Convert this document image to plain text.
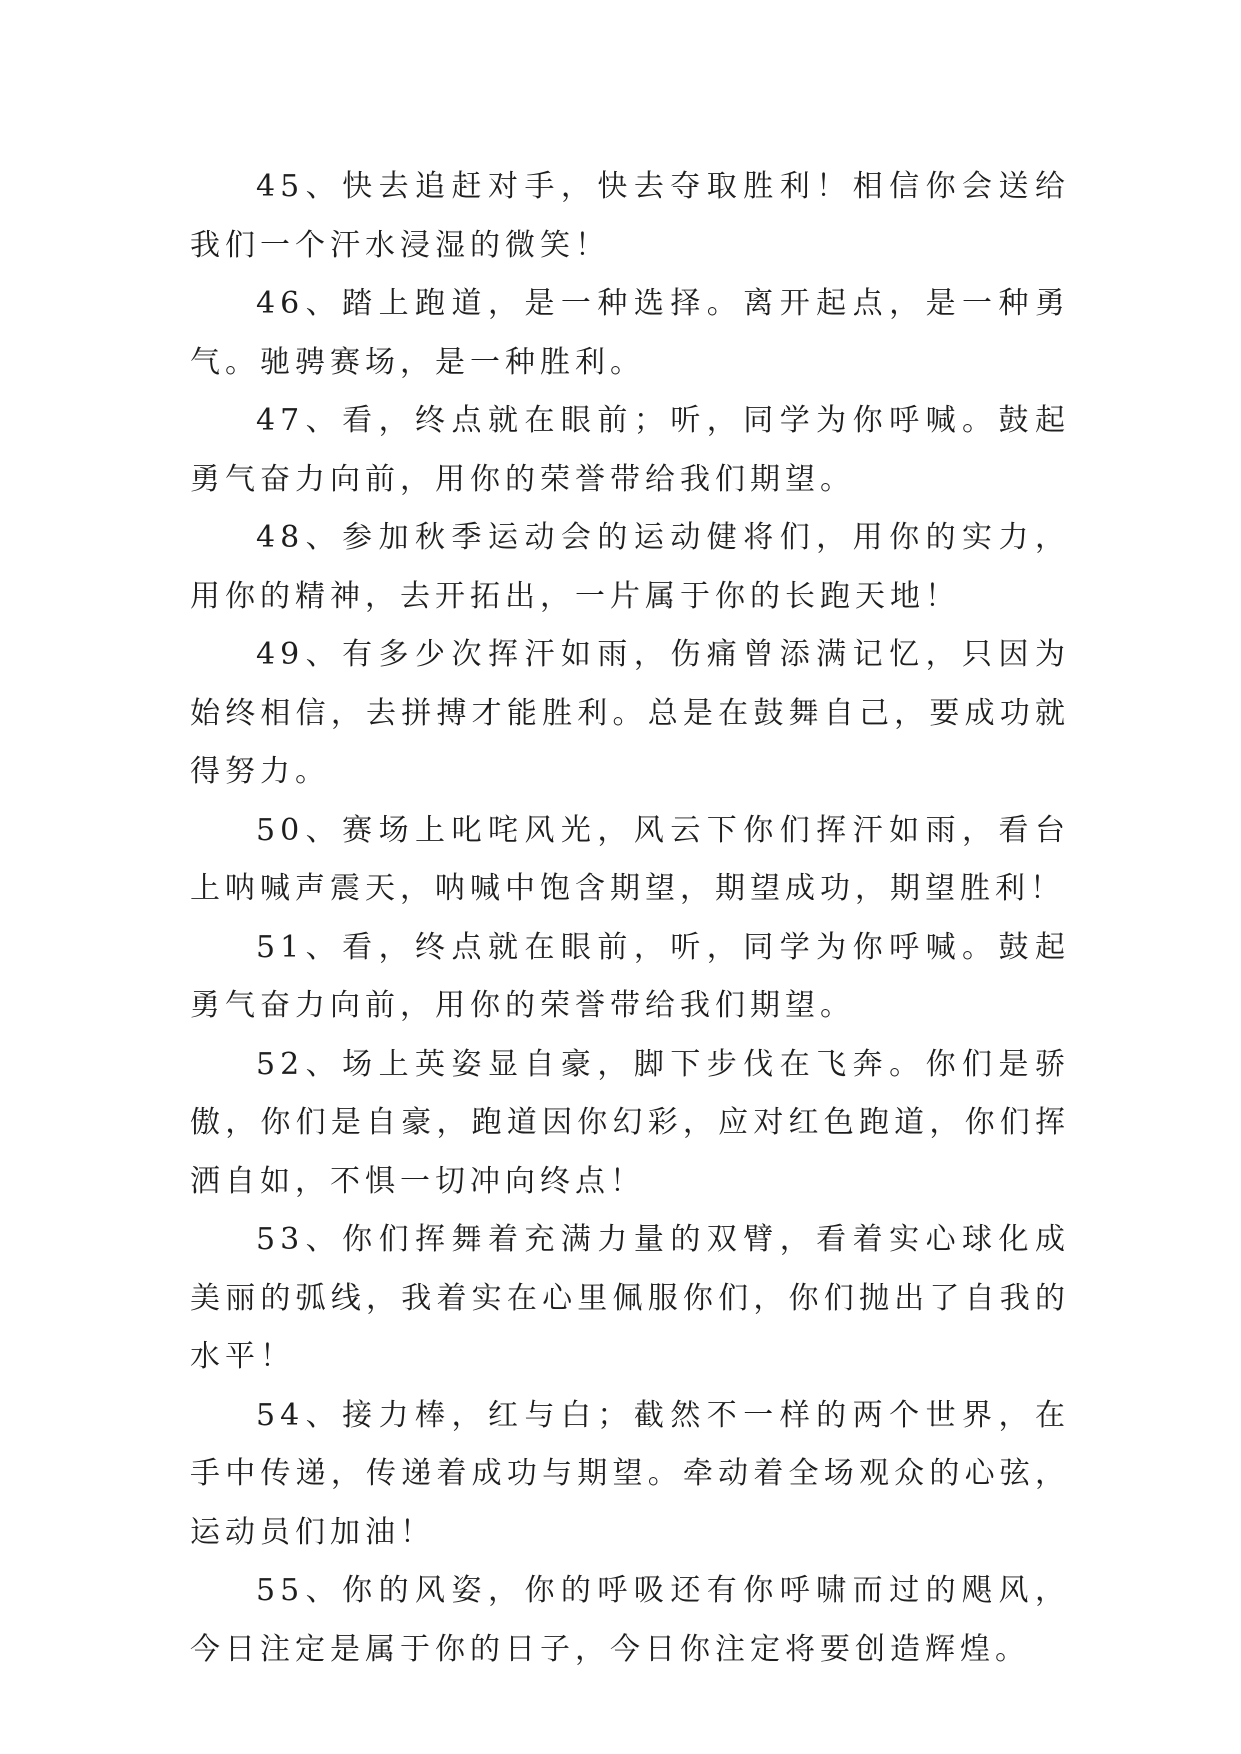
45、快去追赶对手，快去夺取胜利！相信你会送给我们一个汗水浸湿的微笑！

46、踏上跑道，是一种选择。离开起点，是一种勇气。驰骋赛场，是一种胜利。

47、看，终点就在眼前；听，同学为你呼喊。鼓起勇气奋力向前，用你的荣誉带给我们期望。

48、参加秋季运动会的运动健将们，用你的实力，用你的精神，去开拓出，一片属于你的长跑天地！

49、有多少次挥汗如雨，伤痛曾添满记忆，只因为始终相信，去拼搏才能胜利。总是在鼓舞自己，要成功就得努力。

50、赛场上叱咤风光，风云下你们挥汗如雨，看台上呐喊声震天，呐喊中饱含期望，期望成功，期望胜利！

51、看，终点就在眼前，听，同学为你呼喊。鼓起勇气奋力向前，用你的荣誉带给我们期望。

52、场上英姿显自豪，脚下步伐在飞奔。你们是骄傲，你们是自豪，跑道因你幻彩，应对红色跑道，你们挥洒自如，不惧一切冲向终点！

53、你们挥舞着充满力量的双臂，看着实心球化成美丽的弧线，我着实在心里佩服你们，你们抛出了自我的水平！

54、接力棒，红与白；截然不一样的两个世界，在手中传递，传递着成功与期望。牵动着全场观众的心弦，运动员们加油！

55、你的风姿，你的呼吸还有你呼啸而过的飓风，今日注定是属于你的日子，今日你注定将要创造辉煌。
